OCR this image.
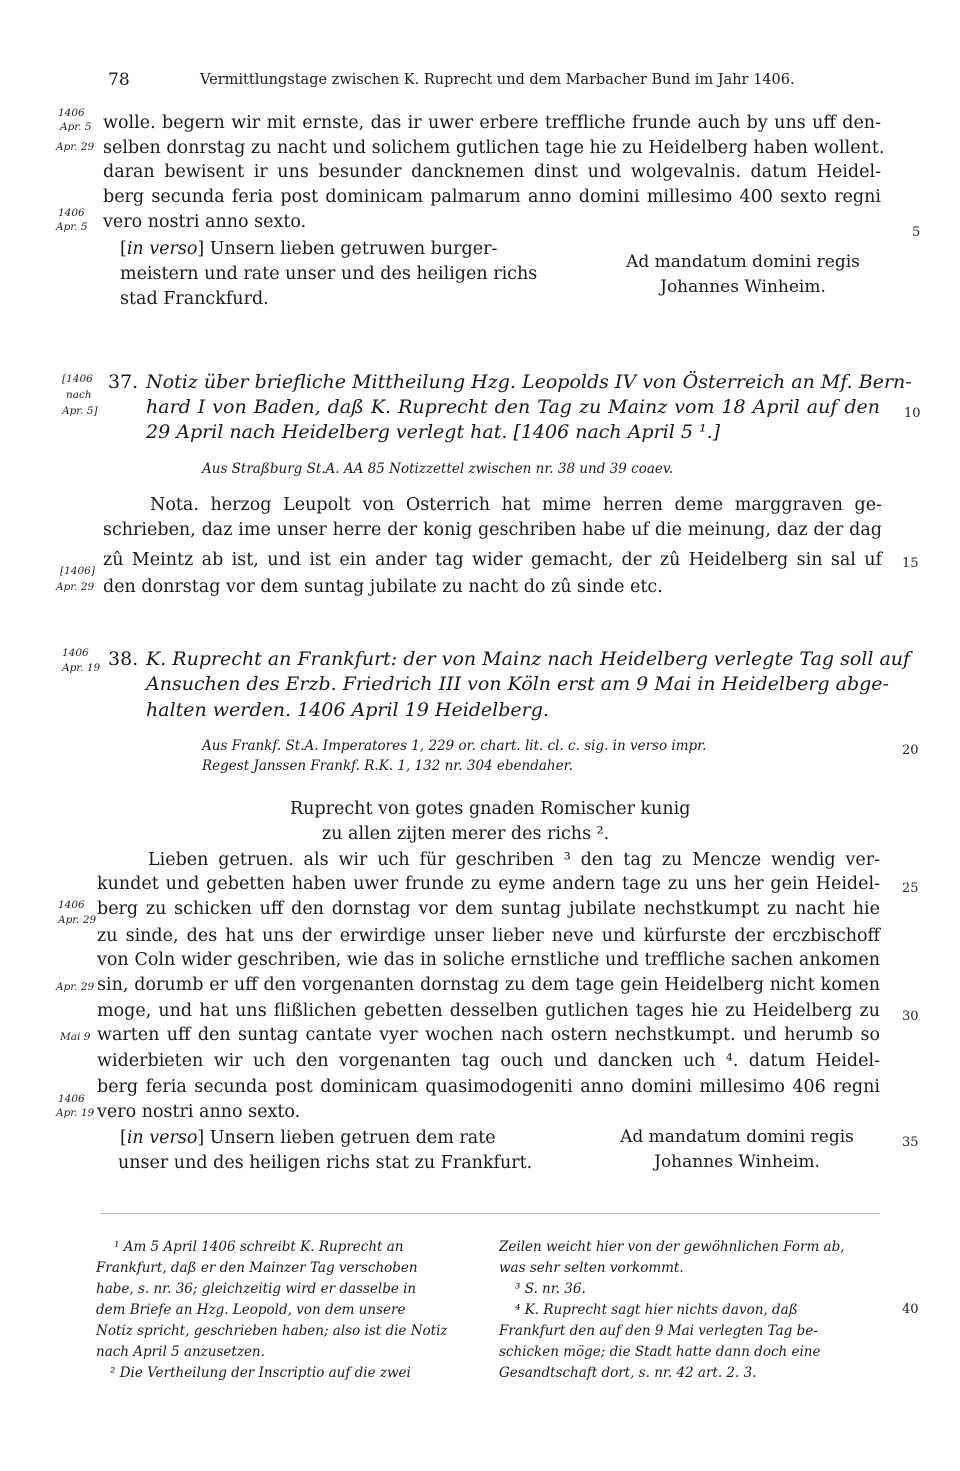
78	Vermittlungstage zwischen K. Ruprecht und dem Marbacher Bund im Jahr 1406.
wolle. begern wir mit ernste, das ir uwer erbere treffliche frunde auch by uns uff den-
selben donrstag zu nacht und solichem gutlichen tage hie zu Heidelberg haben wollent.
daran bewisent ir uns besunder dancknemen dinst und wolgevalnis. datum Heidel-
berg secunda feria post dominicam palmarum anno domini millesimo 400 sexto regni
vero nostri anno sexto.
[in verso] Unsern lieben getruwen burger-
meistern und rate unser und des heiligen richs
stad Franckfurd.
Ad mandatum domini regis
Johannes Winheim.
1406
Apr. 5
Apr. 29
1406
Apr. 5
37. Notiz über briefliche Mittheilung Hzg. Leopolds IV von Österreich an Mf. Bern-
hard I von Baden, daß K. Ruprecht den Tag zu Mainz vom 18 April auf den
29 April nach Heidelberg verlegt hat. [1406 nach April 5 ¹.]
Aus Straßburg St.A. AA 85 Notizzettel zwischen nr. 38 und 39 coaev.
Nota. herzog Leupolt von Osterrich hat mime herren deme marggraven ge-
schrieben, daz ime unser herre der konig geschriben habe uf die meinung, daz der dag
zû Meintz ab ist, und ist ein ander tag wider gemacht, der zû Heidelberg sin sal uf
den donrstag vor dem suntag jubilate zu nacht do zû sinde etc.
[1406
nach
Apr. 5]
[1406]
Apr. 29
38. K. Ruprecht an Frankfurt: der von Mainz nach Heidelberg verlegte Tag soll auf
Ansuchen des Erzb. Friedrich III von Köln erst am 9 Mai in Heidelberg abge-
halten werden. 1406 April 19 Heidelberg.
Aus Frankf. St.A. Imperatores 1, 229 or. chart. lit. cl. c. sig. in verso impr.
Regest Janssen Frankf. R.K. 1, 132 nr. 304 ebendaher.
Ruprecht von gotes gnaden Romischer kunig
zu allen zijten merer des richs ².
Lieben getruen. als wir uch für geschriben ³ den tag zu Mencze wendig ver-
kundet und gebetten haben uwer frunde zu eyme andern tage zu uns her gein Heidel-
berg zu schicken uff den dornstag vor dem suntag jubilate nechstkumpt zu nacht hie
zu sinde, des hat uns der erwirdige unser lieber neve und kürfurste der erczbischoff
von Coln wider geschriben, wie das in soliche ernstliche und treffliche sachen ankomen
sin, dorumb er uff den vorgenanten dornstag zu dem tage gein Heidelberg nicht komen
moge, und hat uns flißlichen gebetten desselben gutlichen tages hie zu Heidelberg zu
warten uff den suntag cantate vyer wochen nach ostern nechstkumpt. und herumb so
widerbieten wir uch den vorgenanten tag ouch und dancken uch ⁴. datum Heidel-
berg feria secunda post dominicam quasimodogeniti anno domini millesimo 406 regni
vero nostri anno sexto.
[in verso] Unsern lieben getruen dem rate
unser und des heiligen richs stat zu Frankfurt.
Ad mandatum domini regis
Johannes Winheim.
1406
Apr. 19
1406
Apr. 29
Apr. 29
Mai 9
1406
Apr. 19
¹ Am 5 April 1406 schreibt K. Ruprecht an
Frankfurt, daß er den Mainzer Tag verschoben
habe, s. nr. 36; gleichzeitig wird er dasselbe in
dem Briefe an Hzg. Leopold, von dem unsere
Notiz spricht, geschrieben haben; also ist die Notiz
nach April 5 anzusetzen.
² Die Vertheilung der Inscriptio auf die zwei
Zeilen weicht hier von der gewöhnlichen Form ab,
was sehr selten vorkommt.
³ S. nr. 36.
⁴ K. Ruprecht sagt hier nichts davon, daß
Frankfurt den auf den 9 Mai verlegten Tag be-
schicken möge; die Stadt hatte dann doch eine
Gesandtschaft dort, s. nr. 42 art. 2. 3.
5
10
15
20
25
30
35
40
